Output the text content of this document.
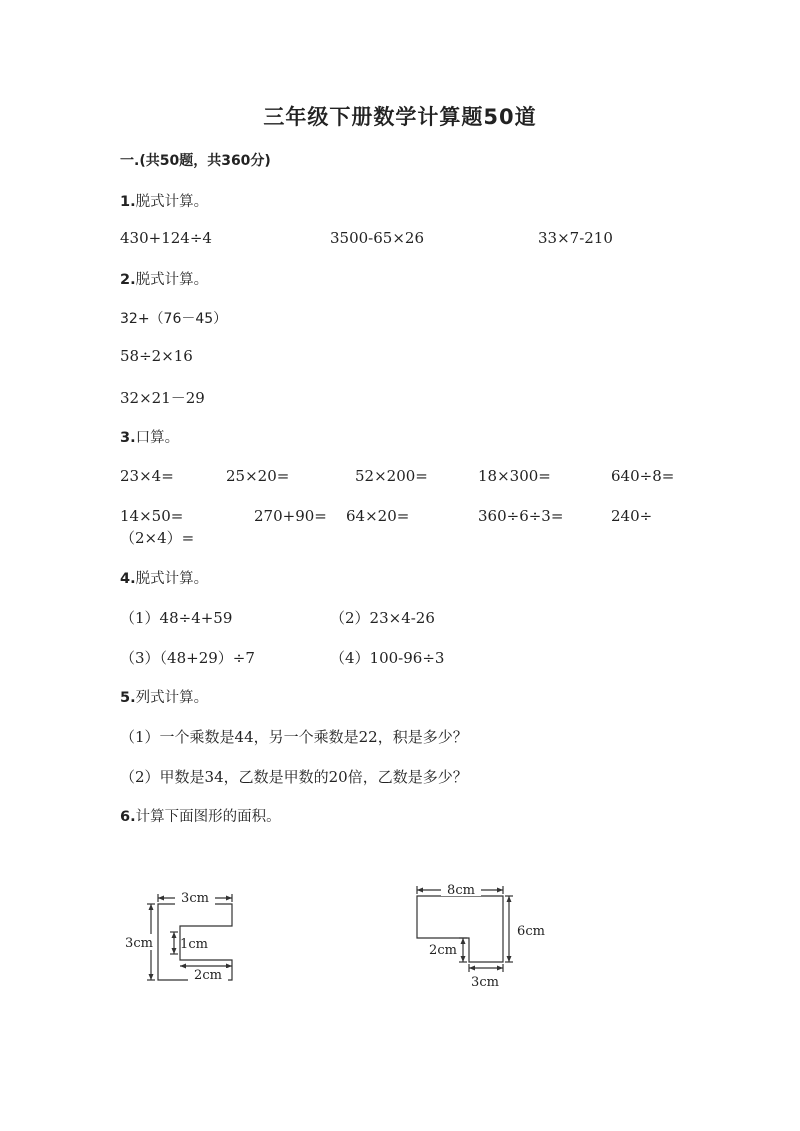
三年级下册数学计算题50道
一.(共50题，共360分)
1.脱式计算。
430+124÷4	3500-65×26	33×7-210
2.脱式计算。
32+（76－45）
58÷2×16
32×21－29
3.口算。
23×4=	25×20=	52×200=	18×300=	640÷8=
14×50=	270+90= 64×20=	360÷6÷3=	240÷
（2×4）=
4.脱式计算。
（1）48÷4+59	（2）23×4-26
（3）（48+29）÷7	（4）100-96÷3
5.列式计算。
（1）一个乘数是44，另一个乘数是22，积是多少？
（2）甲数是34，乙数是甲数的20倍，乙数是多少？
6.计算下面图形的面积。
3cm
3cm 1cm
2cm
8cm
6cm
2cm
3cm
